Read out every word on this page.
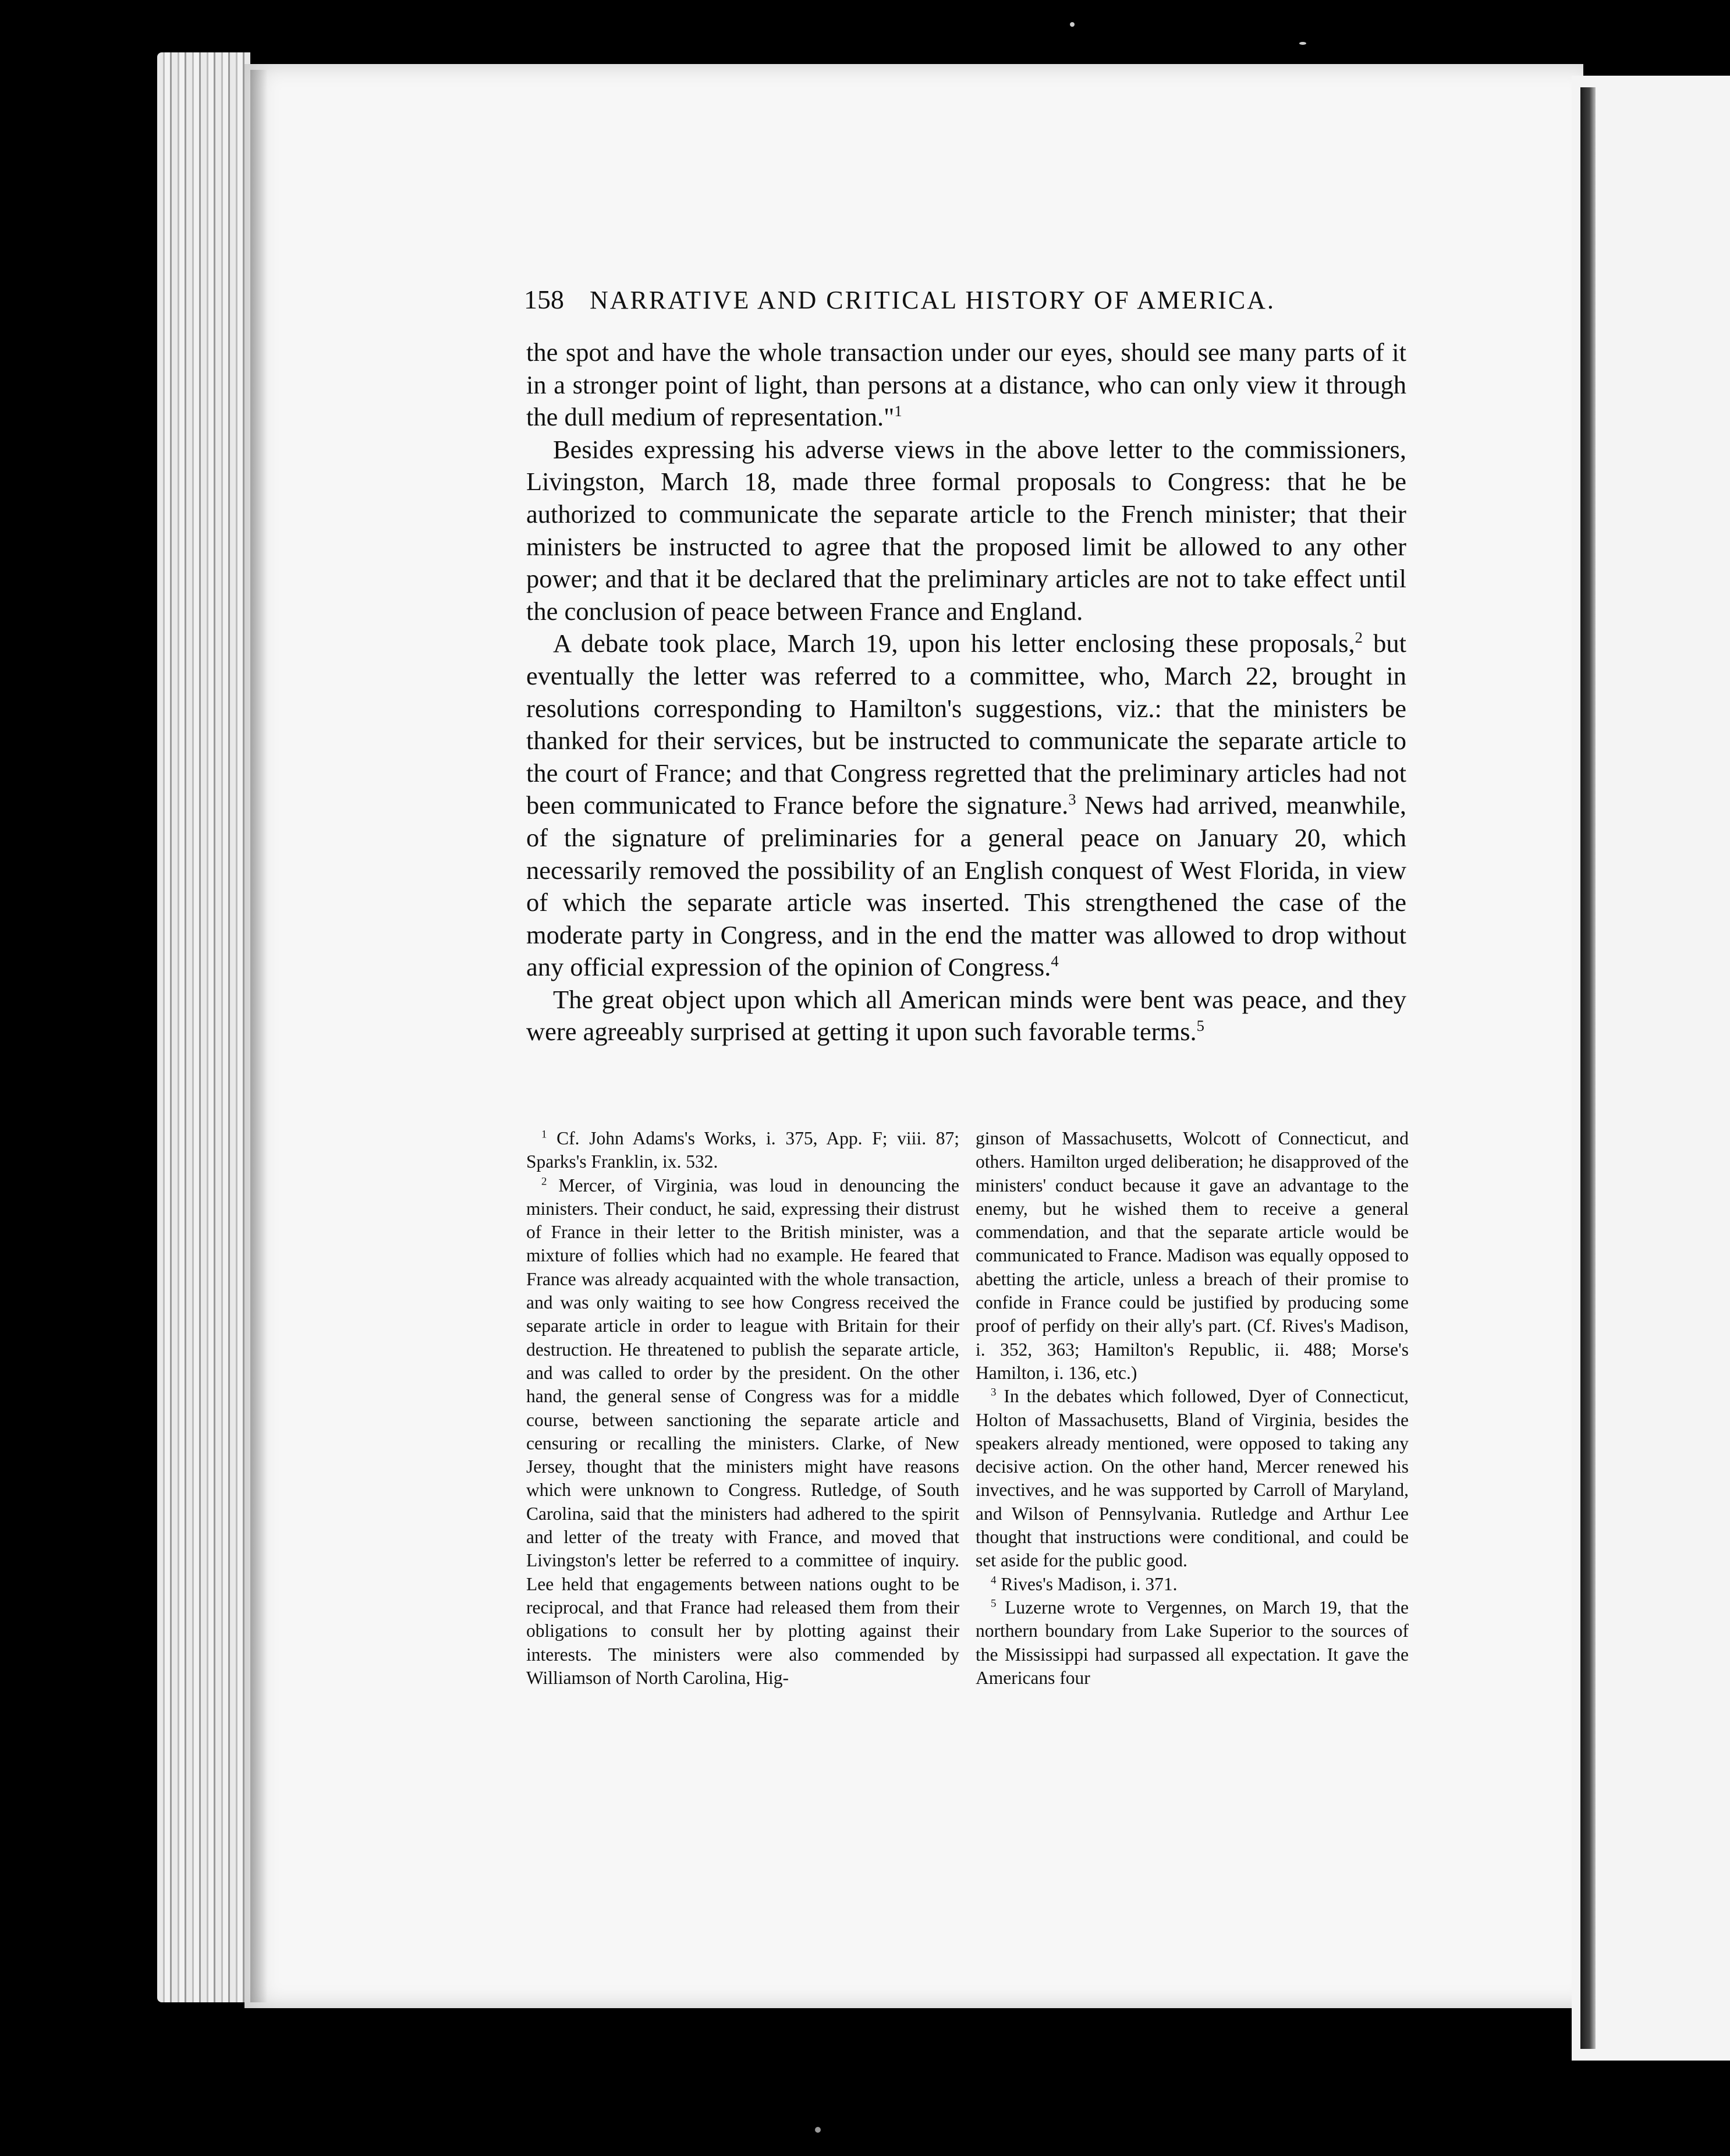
158 NARRATIVE AND CRITICAL HISTORY OF AMERICA.

the spot and have the whole transaction under our eyes, should see many parts of it in a stronger point of light, than persons at a distance, who can only view it through the dull medium of representation."$^1$

Besides expressing his adverse views in the above letter to the commissioners, Livingston, March 18, made three formal proposals to Congress: that he be authorized to communicate the separate article to the French minister; that their ministers be instructed to agree that the proposed limit be allowed to any other power; and that it be declared that the preliminary articles are not to take effect until the conclusion of peace between France and England.

A debate took place, March 19, upon his letter enclosing these proposals,$^2$ but eventually the letter was referred to a committee, who, March 22, brought in resolutions corresponding to Hamilton's suggestions, viz.: that the ministers be thanked for their services, but be instructed to communicate the separate article to the court of France; and that Congress regretted that the preliminary articles had not been communicated to France before the signature.$^3$ News had arrived, meanwhile, of the signature of preliminaries for a general peace on January 20, which necessarily removed the possibility of an English conquest of West Florida, in view of which the separate article was inserted. This strengthened the case of the moderate party in Congress, and in the end the matter was allowed to drop without any official expression of the opinion of Congress.$^4$

The great object upon which all American minds were bent was peace, and they were agreeably surprised at getting it upon such favorable terms.$^5$

$^1$ Cf. John Adams's Works, i. 375, App. F; viii. 87; Sparks's Franklin, ix. 532.

$^2$ Mercer, of Virginia, was loud in denouncing the ministers. Their conduct, he said, expressing their distrust of France in their letter to the British minister, was a mixture of follies which had no example. He feared that France was already acquainted with the whole transaction, and was only waiting to see how Congress received the separate article in order to league with Britain for their destruction. He threatened to publish the separate article, and was called to order by the president. On the other hand, the general sense of Congress was for a middle course, between sanctioning the separate article and censuring or recalling the ministers. Clarke, of New Jersey, thought that the ministers might have reasons which were unknown to Congress. Rutledge, of South Carolina, said that the ministers had adhered to the spirit and letter of the treaty with France, and moved that Livingston's letter be referred to a committee of inquiry. Lee held that engagements between nations ought to be reciprocal, and that France had released them from their obligations to consult her by plotting against their interests. The ministers were also commended by Williamson of North Carolina, Hig-

ginson of Massachusetts, Wolcott of Connecticut, and others. Hamilton urged deliberation; he disapproved of the ministers' conduct because it gave an advantage to the enemy, but he wished them to receive a general commendation, and that the separate article would be communicated to France. Madison was equally opposed to abetting the article, unless a breach of their promise to confide in France could be justified by producing some proof of perfidy on their ally's part. (Cf. Rives's Madison, i. 352, 363; Hamilton's Republic, ii. 488; Morse's Hamilton, i. 136, etc.)

$^3$ In the debates which followed, Dyer of Connecticut, Holton of Massachusetts, Bland of Virginia, besides the speakers already mentioned, were opposed to taking any decisive action. On the other hand, Mercer renewed his invectives, and he was supported by Carroll of Maryland, and Wilson of Pennsylvania. Rutledge and Arthur Lee thought that instructions were conditional, and could be set aside for the public good.

$^4$ Rives's Madison, i. 371.

$^5$ Luzerne wrote to Vergennes, on March 19, that the northern boundary from Lake Superior to the sources of the Mississippi had surpassed all expectation. It gave the Americans four
